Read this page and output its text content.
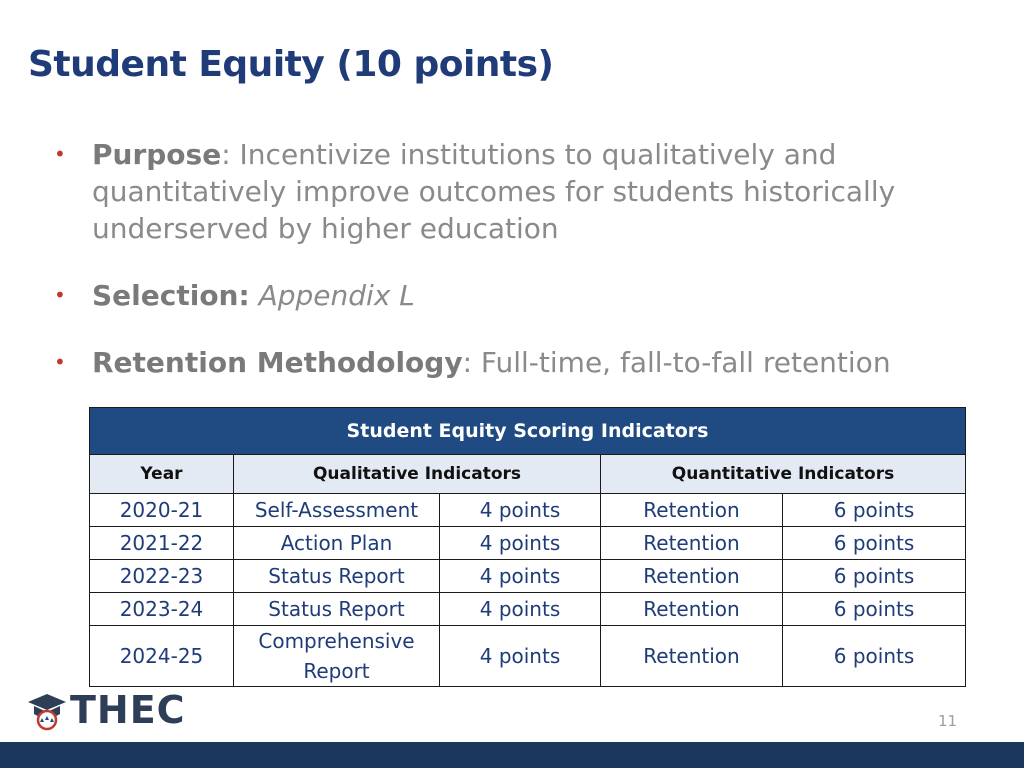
Student Equity (10 points)
• Purpose: Incentivize institutions to qualitatively and quantitatively improve outcomes for students historically underserved by higher education
• Selection: Appendix L
• Retention Methodology: Full-time, fall-to-fall retention
Student Equity Scoring Indicators				
Year	Qualitative Indicators		Quantitative Indicators	
2020-21	Self-Assessment	4 points	Retention	6 points
2021-22	Action Plan	4 points	Retention	6 points
2022-23	Status Report	4 points	Retention	6 points
2023-24	Status Report	4 points	Retention	6 points
2024-25	Comprehensive Report	4 points	Retention	6 points
THEC	11
